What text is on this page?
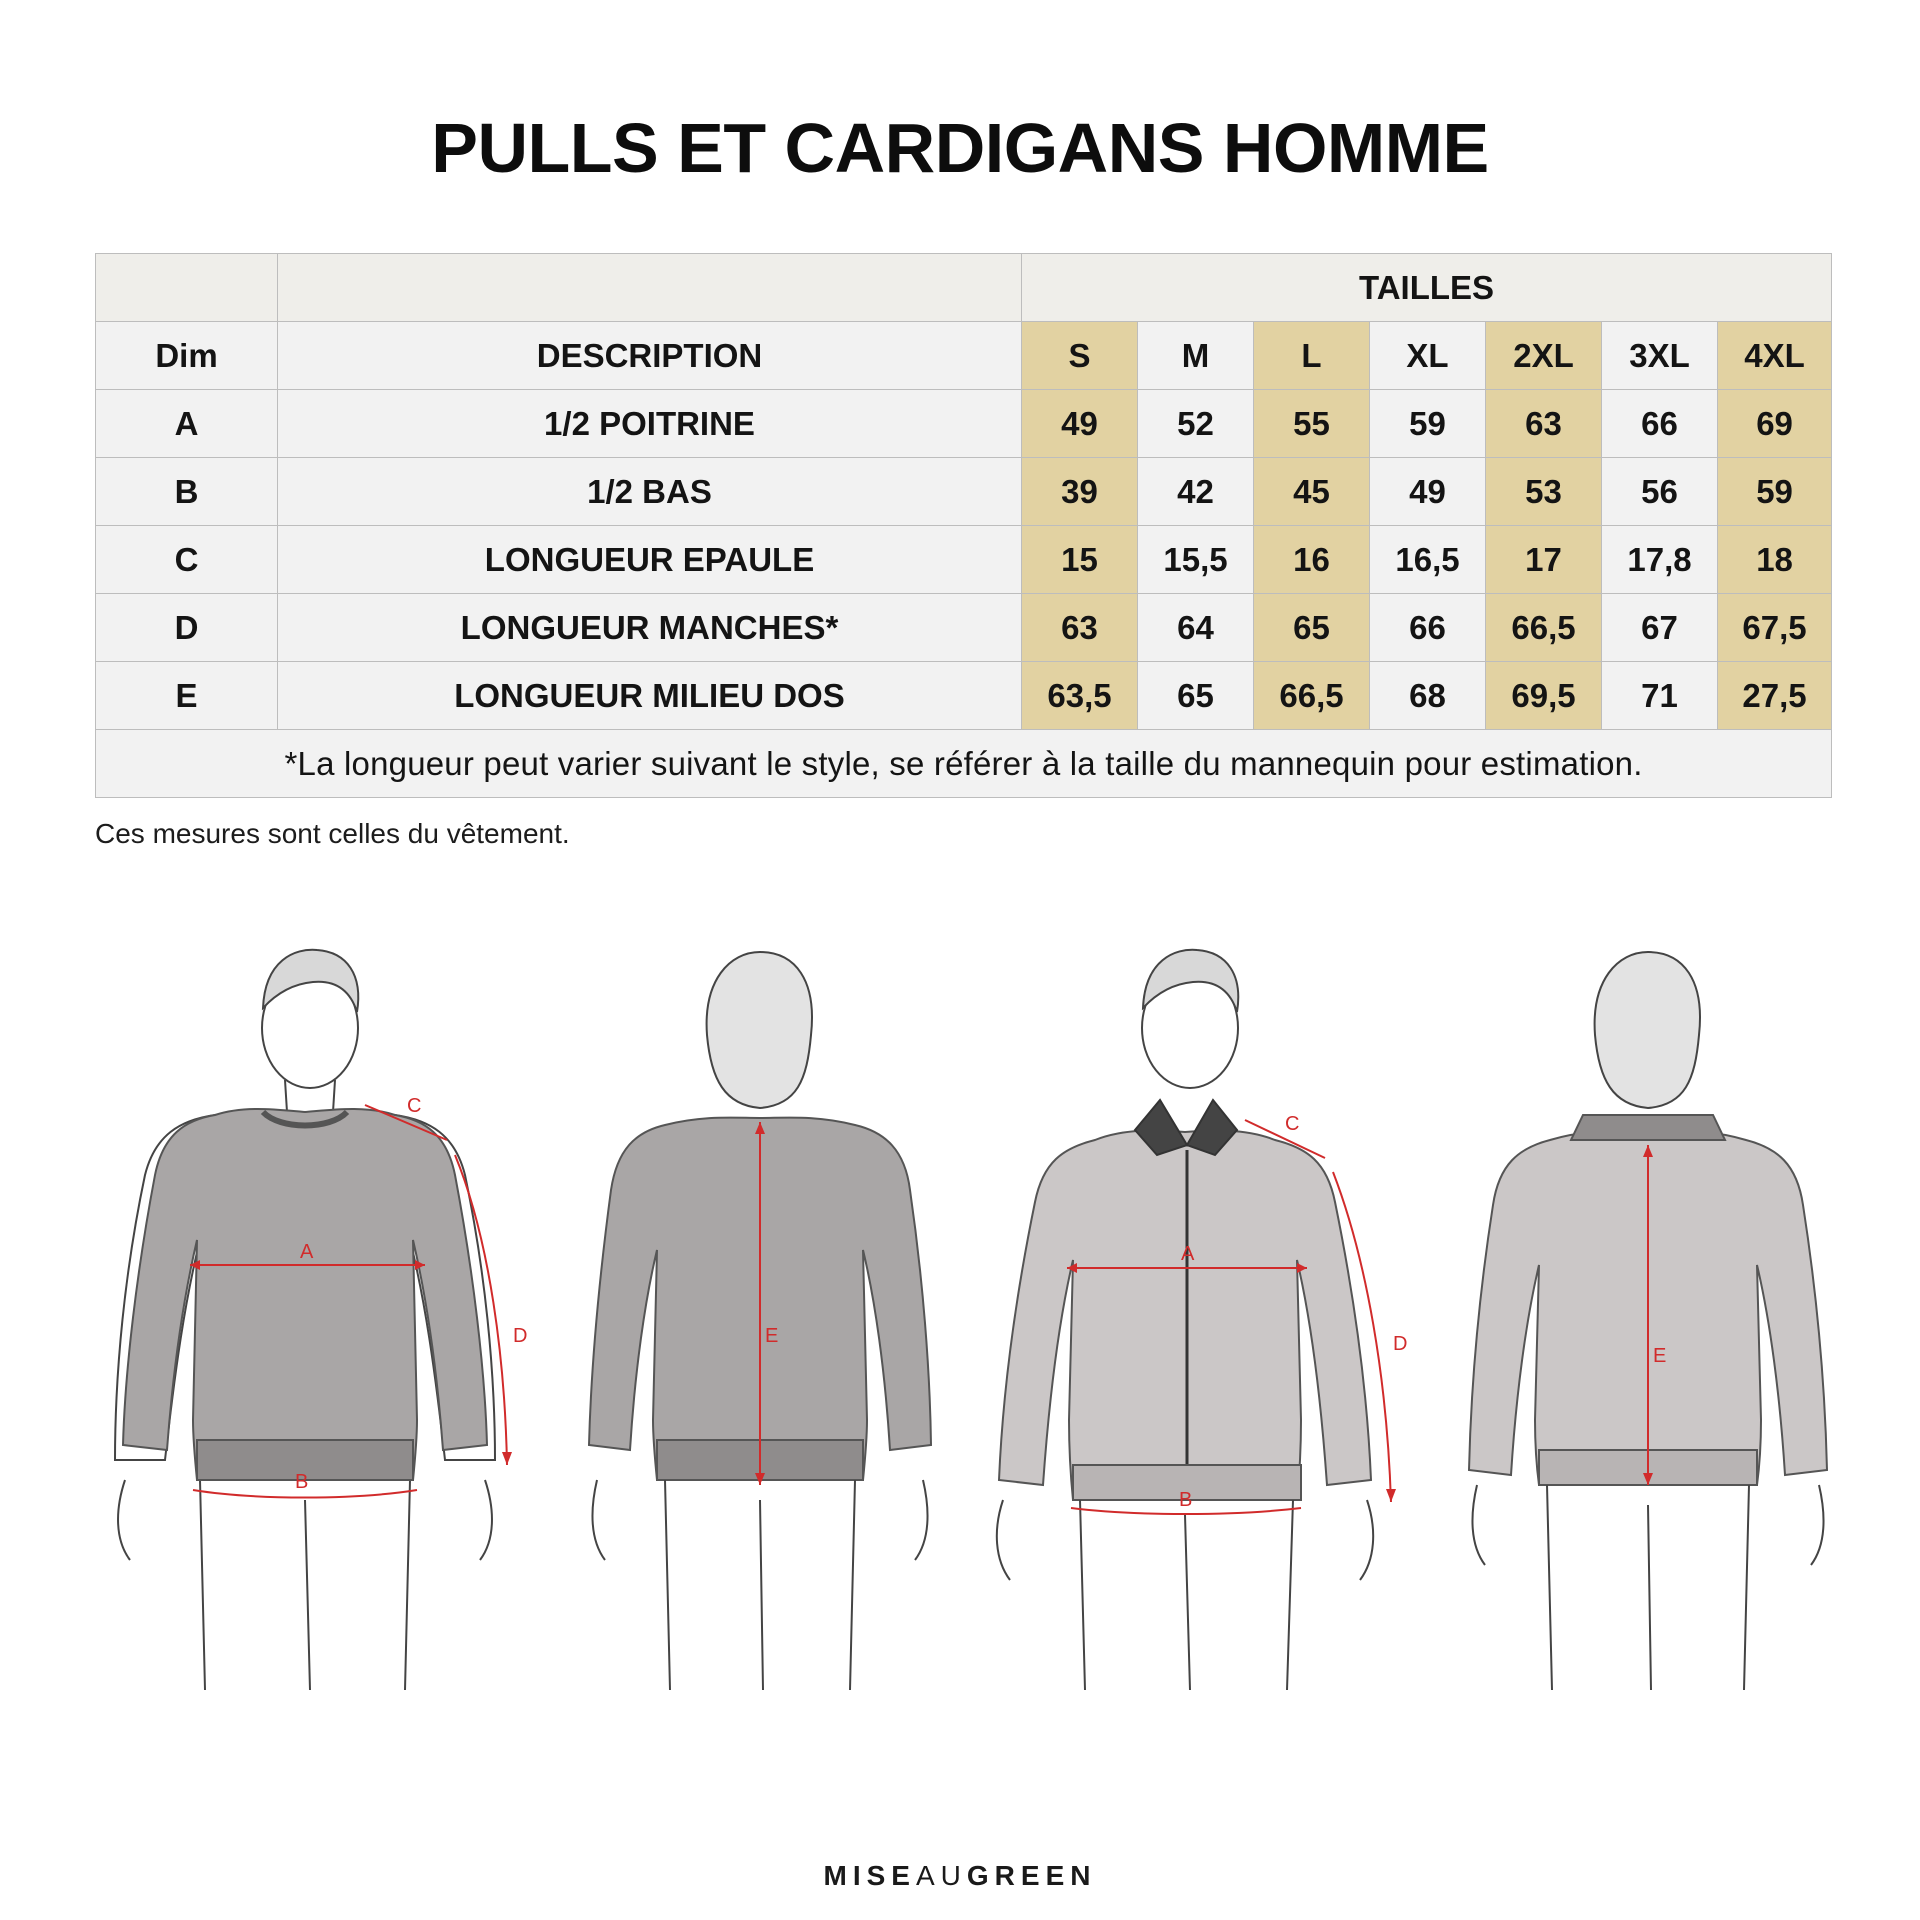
PULLS ET CARDIGANS HOMME
		TAILLES						
Dim	DESCRIPTION	S	M	L	XL	2XL	3XL	4XL
A	1/2 POITRINE	49	52	55	59	63	66	69
B	1/2 BAS	39	42	45	49	53	56	59
C	LONGUEUR EPAULE	15	15,5	16	16,5	17	17,8	18
D	LONGUEUR MANCHES*	63	64	65	66	66,5	67	67,5
E	LONGUEUR MILIEU DOS	63,5	65	66,5	68	69,5	71	27,5
*La longueur peut varier suivant le style, se référer à la taille du mannequin pour estimation.								
Ces mesures sont celles du vêtement.
A
B
C
D	E
A
B
C
D
E
MISEAUGREEN
